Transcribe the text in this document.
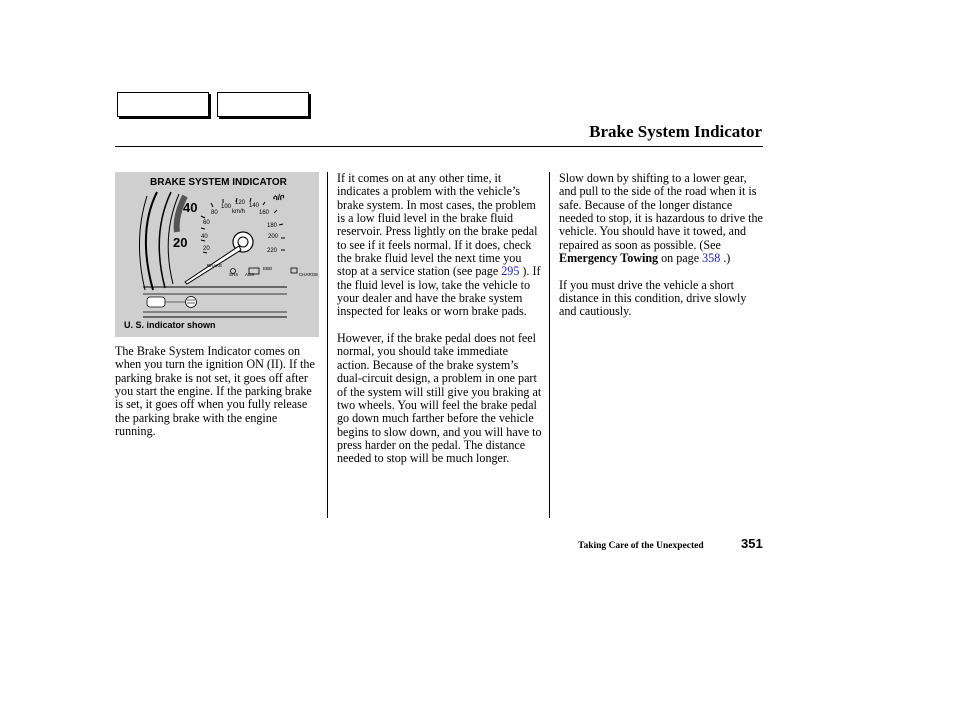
Brake System Indicator
40
20
60
40
20
100
120 140
160
180
200
220
80 km/h
ሳ/ቦ
BRAKE
SRS ABS
EBD
CHARGE
BRAKE SYSTEM INDICATOR
U. S. indicator shown

The Brake System Indicator comes on when you turn the ignition ON (II). If the parking brake is not set, it goes off after you start the engine. If the parking brake is set, it goes off when you fully release the parking brake with the engine running.

If it comes on at any other time, it indicates a problem with the vehicle’s brake system. In most cases, the problem is a low fluid level in the brake fluid reservoir. Press lightly on the brake pedal to see if it feels normal. If it does, check the brake fluid level the next time you stop at a service station (see page 295 ). If the fluid level is low, take the vehicle to your dealer and have the brake system inspected for leaks or worn brake pads.

However, if the brake pedal does not feel normal, you should take immediate action. Because of the brake system’s dual-circuit design, a problem in one part of the system will still give you braking at two wheels. You will feel the brake pedal go down much farther before the vehicle begins to slow down, and you will have to press harder on the pedal. The distance needed to stop will be much longer.

Slow down by shifting to a lower gear, and pull to the side of the road when it is safe. Because of the longer distance needed to stop, it is hazardous to drive the vehicle. You should have it towed, and repaired as soon as possible. (See Emergency Towing on page 358 .)

If you must drive the vehicle a short distance in this condition, drive slowly and cautiously.

Taking Care of the Unexpected	351
